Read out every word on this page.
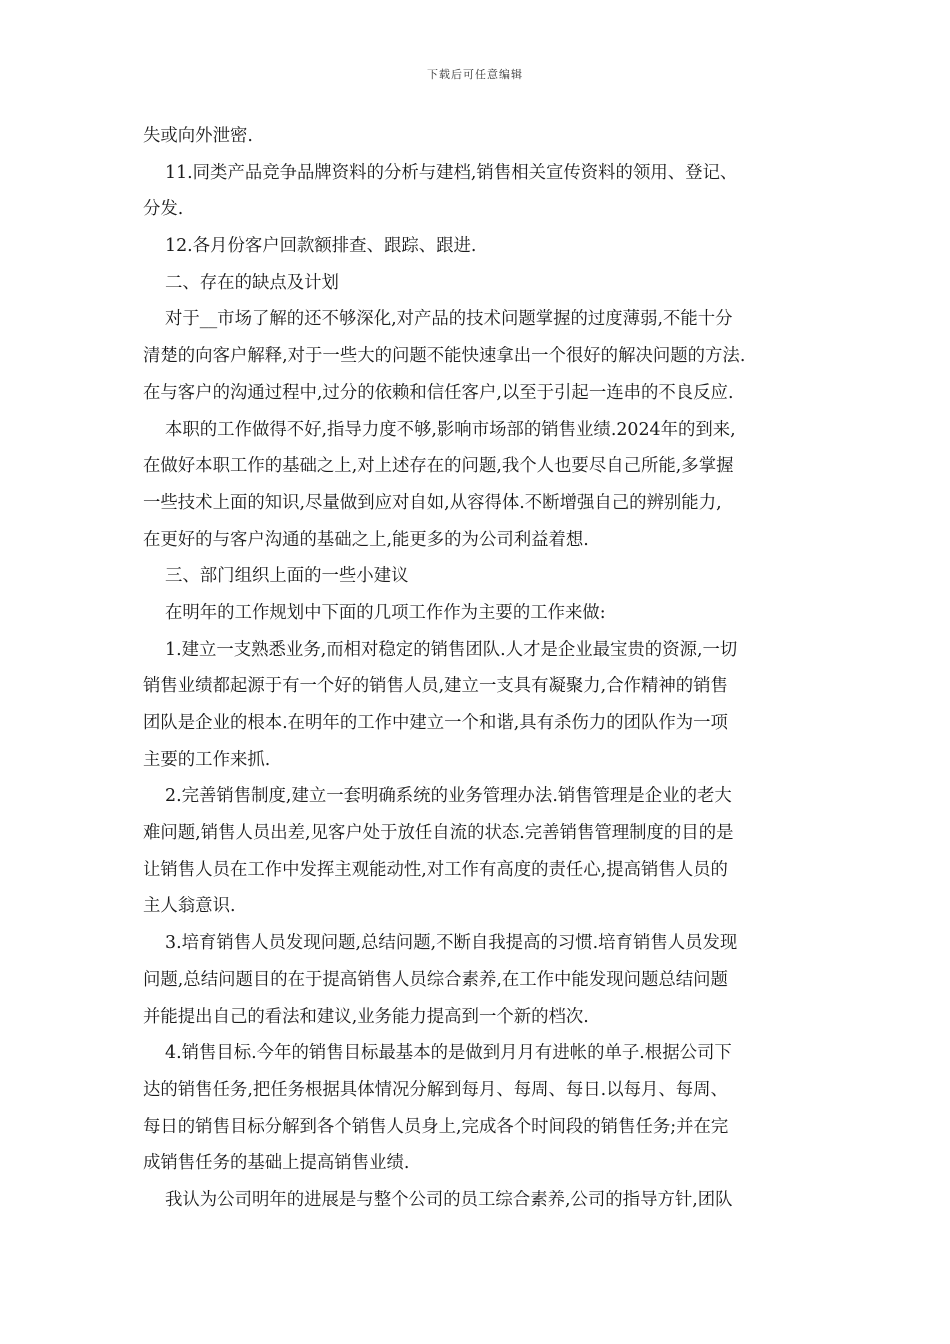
下载后可任意编辑
失或向外泄密.
11.同类产品竞争品牌资料的分析与建档,销售相关宣传资料的领用、登记、
分发.
12.各月份客户回款额排查、跟踪、跟进.
二、存在的缺点及计划
对于__市场了解的还不够深化,对产品的技术问题掌握的过度薄弱,不能十分
清楚的向客户解释,对于一些大的问题不能快速拿出一个很好的解决问题的方法.
在与客户的沟通过程中,过分的依赖和信任客户,以至于引起一连串的不良反应.
本职的工作做得不好,指导力度不够,影响市场部的销售业绩.2024年的到来,
在做好本职工作的基础之上,对上述存在的问题,我个人也要尽自己所能,多掌握
一些技术上面的知识,尽量做到应对自如,从容得体.不断增强自己的辨别能力,
在更好的与客户沟通的基础之上,能更多的为公司利益着想.
三、部门组织上面的一些小建议
在明年的工作规划中下面的几项工作作为主要的工作来做:
1.建立一支熟悉业务,而相对稳定的销售团队.人才是企业最宝贵的资源,一切
销售业绩都起源于有一个好的销售人员,建立一支具有凝聚力,合作精神的销售
团队是企业的根本.在明年的工作中建立一个和谐,具有杀伤力的团队作为一项
主要的工作来抓.
2.完善销售制度,建立一套明确系统的业务管理办法.销售管理是企业的老大
难问题,销售人员出差,见客户处于放任自流的状态.完善销售管理制度的目的是
让销售人员在工作中发挥主观能动性,对工作有高度的责任心,提高销售人员的
主人翁意识.
3.培育销售人员发现问题,总结问题,不断自我提高的习惯.培育销售人员发现
问题,总结问题目的在于提高销售人员综合素养,在工作中能发现问题总结问题
并能提出自己的看法和建议,业务能力提高到一个新的档次.
4.销售目标.今年的销售目标最基本的是做到月月有进帐的单子.根据公司下
达的销售任务,把任务根据具体情况分解到每月、每周、每日.以每月、每周、
每日的销售目标分解到各个销售人员身上,完成各个时间段的销售任务;并在完
成销售任务的基础上提高销售业绩.
我认为公司明年的进展是与整个公司的员工综合素养,公司的指导方针,团队
